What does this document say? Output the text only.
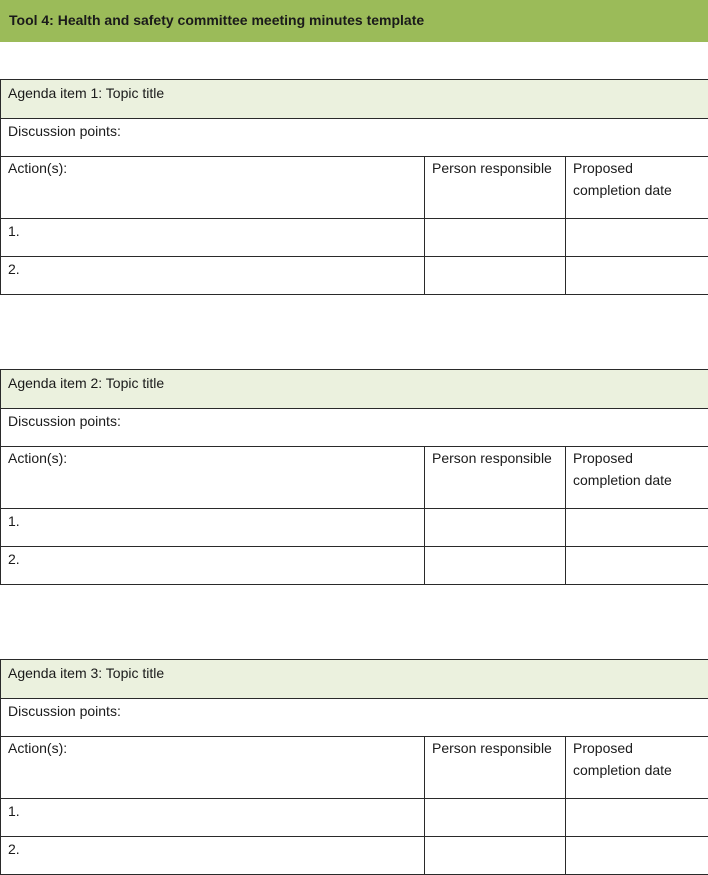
Tool 4: Health and safety committee meeting minutes template
Agenda item 1: Topic title		
Discussion points:		
Action(s):	Person responsible	Proposed completion date
1.		
2.		
Agenda item 2: Topic title		
Discussion points:		
Action(s):	Person responsible	Proposed completion date
1.		
2.		
Agenda item 3: Topic title		
Discussion points:		
Action(s):	Person responsible	Proposed completion date
1.		
2.		
